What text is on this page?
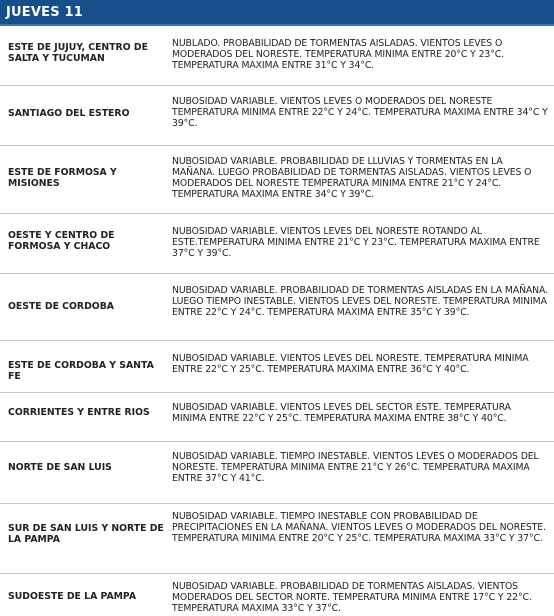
JUEVES 11
ESTE DE JUJUY, CENTRO DE SALTA Y TUCUMAN
NUBLADO. PROBABILIDAD DE TORMENTAS AISLADAS. VIENTOS LEVES O MODERADOS DEL NORESTE. TEMPERATURA MINIMA ENTRE 20°C Y 23°C. TEMPERATURA MAXIMA ENTRE 31°C Y 34°C.
SANTIAGO DEL ESTERO
NUBOSIDAD VARIABLE. VIENTOS LEVES O MODERADOS DEL NORESTE TEMPERATURA MINIMA ENTRE 22°C Y 24°C. TEMPERATURA MAXIMA ENTRE 34°C Y 39°C.
ESTE DE FORMOSA Y MISIONES
NUBOSIDAD VARIABLE. PROBABILIDAD DE LLUVIAS Y TORMENTAS EN LA MAÑANA. LUEGO PROBABILIDAD DE TORMENTAS AISLADAS. VIENTOS LEVES O MODERADOS DEL NORESTE TEMPERATURA MINIMA ENTRE 21°C Y 24°C. TEMPERATURA MAXIMA ENTRE 34°C Y 39°C.
OESTE Y CENTRO DE FORMOSA Y CHACO
NUBOSIDAD VARIABLE. VIENTOS LEVES DEL NORESTE ROTANDO AL ESTE.TEMPERATURA MINIMA ENTRE 21°C Y 23°C. TEMPERATURA MAXIMA ENTRE 37°C Y 39°C.
OESTE DE CORDOBA
NUBOSIDAD VARIABLE. PROBABILIDAD DE TORMENTAS AISLADAS EN LA MAÑANA. LUEGO TIEMPO INESTABLE. VIENTOS LEVES DEL NORESTE. TEMPERATURA MINIMA ENTRE 22°C Y 24°C. TEMPERATURA MAXIMA ENTRE 35°C Y 39°C.
ESTE DE CORDOBA Y SANTA FE
NUBOSIDAD VARIABLE. VIENTOS LEVES DEL NORESTE. TEMPERATURA MINIMA ENTRE 22°C Y 25°C. TEMPERATURA MAXIMA ENTRE 36°C Y 40°C.
CORRIENTES Y ENTRE RIOS	NUBOSIDAD VARIABLE. VIENTOS LEVES DEL SECTOR ESTE. TEMPERATURA MINIMA ENTRE 22°C Y 25°C. TEMPERATURA MAXIMA ENTRE 38°C Y 40°C.
NORTE DE SAN LUIS
NUBOSIDAD VARIABLE. TIEMPO INESTABLE. VIENTOS LEVES O MODERADOS DEL NORESTE. TEMPERATURA MINIMA ENTRE 21°C Y 26°C. TEMPERATURA MAXIMA ENTRE 37°C Y 41°C.
SUR DE SAN LUIS Y NORTE DE LA PAMPA
NUBOSIDAD VARIABLE. TIEMPO INESTABLE CON PROBABILIDAD DE PRECIPITACIONES EN LA MAÑANA. VIENTOS LEVES O MODERADOS DEL NORESTE. TEMPERATURA MINIMA ENTRE 20°C Y 25°C. TEMPERATURA MAXIMA 33°C Y 37°C.
SUDOESTE DE LA PAMPA
NUBOSIDAD VARIABLE. PROBABILIDAD DE TORMENTAS AISLADAS. VIENTOS MODERADOS DEL SECTOR NORTE. TEMPERATURA MINIMA ENTRE 17°C Y 22°C. TEMPERATURA MAXIMA 33°C Y 37°C.
